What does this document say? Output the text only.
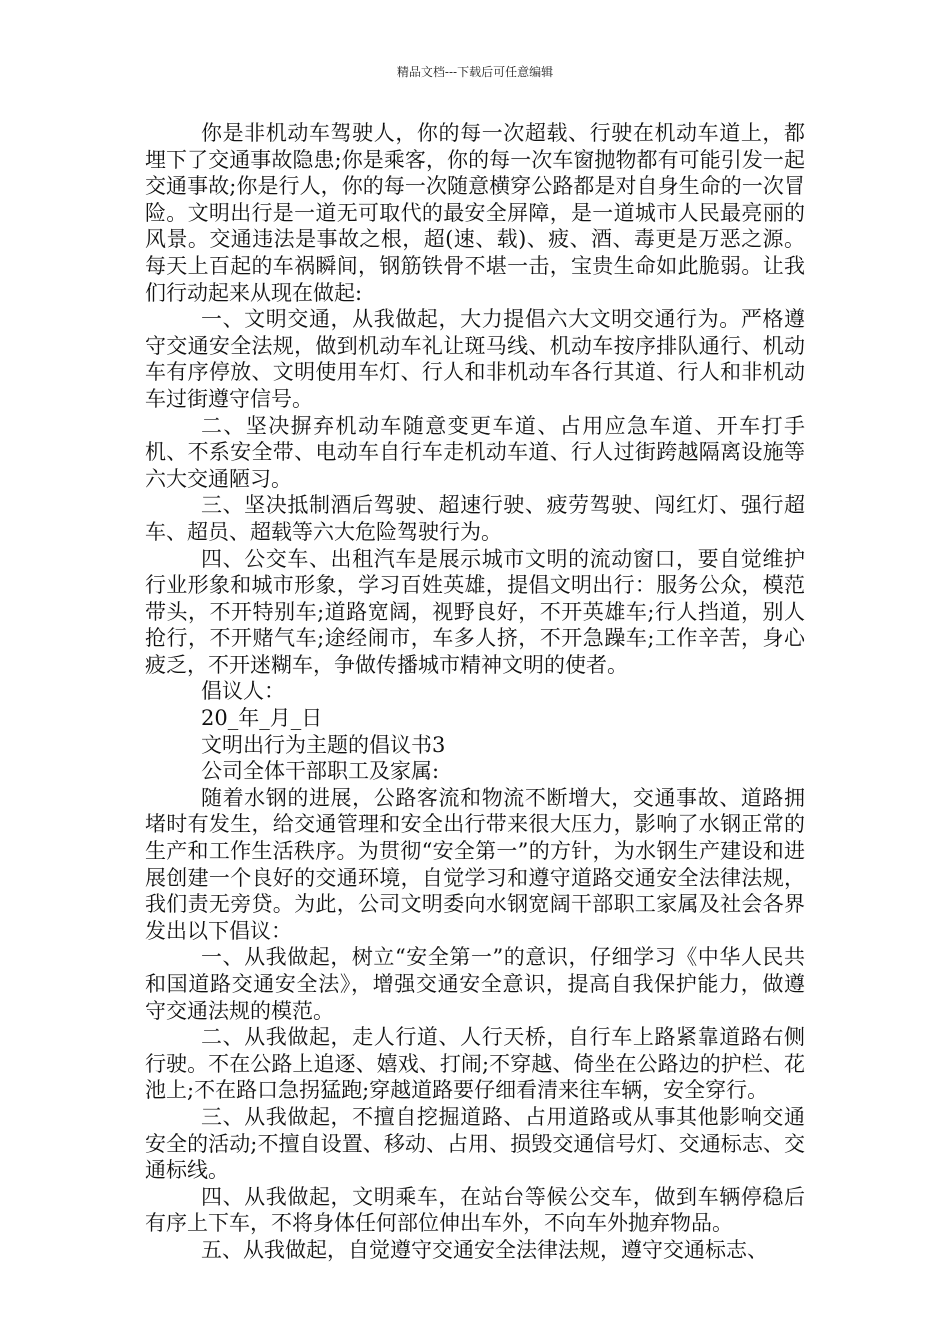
精品文档---下载后可任意编辑

你是非机动车驾驶人，你的每一次超载、行驶在机动车道上，都埋下了交通事故隐患;你是乘客，你的每一次车窗抛物都有可能引发一起交通事故;你是行人，你的每一次随意横穿公路都是对自身生命的一次冒险。文明出行是一道无可取代的最安全屏障，是一道城市人民最亮丽的风景。交通违法是事故之根，超(速、载)、疲、酒、毒更是万恶之源。每天上百起的车祸瞬间，钢筋铁骨不堪一击，宝贵生命如此脆弱。让我们行动起来从现在做起:

一、文明交通，从我做起，大力提倡六大文明交通行为。严格遵守交通安全法规，做到机动车礼让斑马线、机动车按序排队通行、机动车有序停放、文明使用车灯、行人和非机动车各行其道、行人和非机动车过街遵守信号。

二、坚决摒弃机动车随意变更车道、占用应急车道、开车打手机、不系安全带、电动车自行车走机动车道、行人过街跨越隔离设施等六大交通陋习。

三、坚决抵制酒后驾驶、超速行驶、疲劳驾驶、闯红灯、强行超车、超员、超载等六大危险驾驶行为。

四、公交车、出租汽车是展示城市文明的流动窗口，要自觉维护行业形象和城市形象，学习百姓英雄，提倡文明出行：服务公众，模范带头，不开特别车;道路宽阔，视野良好，不开英雄车;行人挡道，别人抢行，不开赌气车;途经闹市，车多人挤，不开急躁车;工作辛苦，身心疲乏，不开迷糊车，争做传播城市精神文明的使者。

倡议人：

20_年_月_日

文明出行为主题的倡议书3

公司全体干部职工及家属:

随着水钢的进展，公路客流和物流不断增大，交通事故、道路拥堵时有发生，给交通管理和安全出行带来很大压力，影响了水钢正常的生产和工作生活秩序。为贯彻“安全第一”的方针，为水钢生产建设和进展创建一个良好的交通环境，自觉学习和遵守道路交通安全法律法规，我们责无旁贷。为此，公司文明委向水钢宽阔干部职工家属及社会各界发出以下倡议：

一、从我做起，树立“安全第一”的意识，仔细学习《中华人民共和国道路交通安全法》，增强交通安全意识，提高自我保护能力，做遵守交通法规的模范。

二、从我做起，走人行道、人行天桥，自行车上路紧靠道路右侧行驶。不在公路上追逐、嬉戏、打闹;不穿越、倚坐在公路边的护栏、花池上;不在路口急拐猛跑;穿越道路要仔细看清来往车辆，安全穿行。

三、从我做起，不擅自挖掘道路、占用道路或从事其他影响交通安全的活动;不擅自设置、移动、占用、损毁交通信号灯、交通标志、交通标线。

四、从我做起，文明乘车，在站台等候公交车，做到车辆停稳后有序上下车，不将身体任何部位伸出车外，不向车外抛弃物品。

五、从我做起，自觉遵守交通安全法律法规，遵守交通标志、
